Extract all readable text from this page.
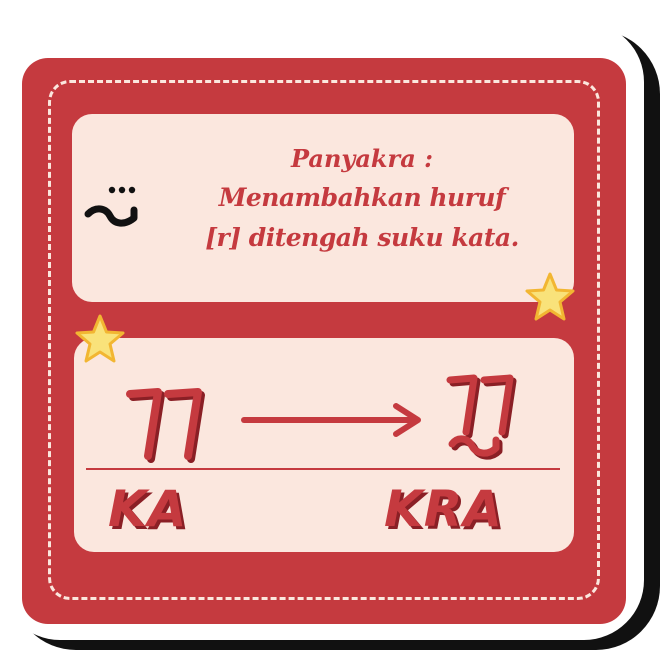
Panyakra :
Menambahkan huruf
[r] ditengah suku kata.
KA	KRA
